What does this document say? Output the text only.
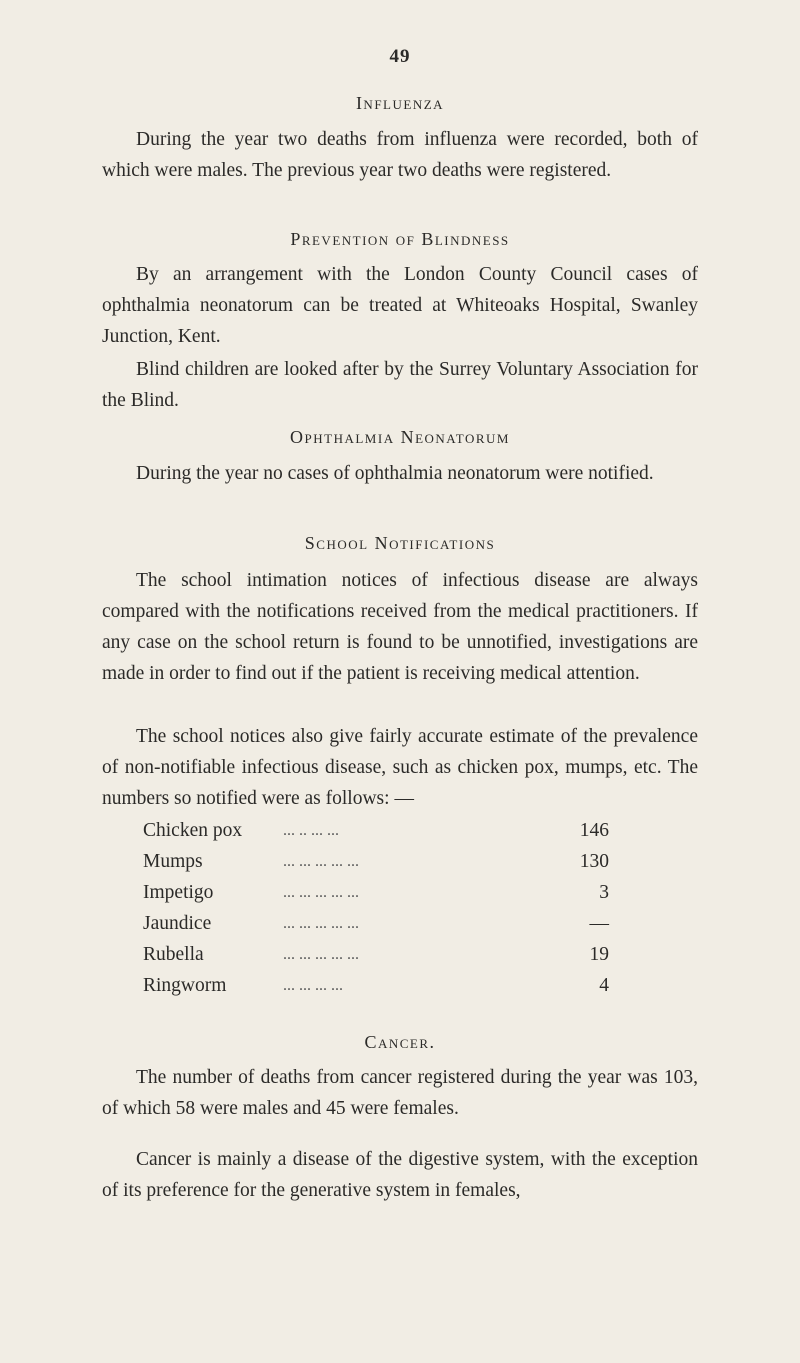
49
Influenza

During the year two deaths from influenza were recorded, both of which were males. The previous year two deaths were registered.

Prevention of Blindness

By an arrangement with the London County Council cases of ophthalmia neonatorum can be treated at Whiteoaks Hospital, Swanley Junction, Kent.

Blind children are looked after by the Surrey Voluntary Association for the Blind.

Ophthalmia Neonatorum

During the year no cases of ophthalmia neonatorum were notified.

School Notifications

The school intimation notices of infectious disease are always compared with the notifications received from the medical practitioners. If any case on the school return is found to be unnotified, investigations are made in order to find out if the patient is receiving medical attention.

The school notices also give fairly accurate estimate of the prevalence of non-notifiable infectious disease, such as chicken pox, mumps, etc. The numbers so notified were as follows: —

Chicken pox	... .. ... ...	146
Mumps	... ... ... ... ...	130
Impetigo	... ... ... ... ...	3
Jaundice	... ... ... ... ...	—
Rubella	... ... ... ... ...	19
Ringworm	... ... ... ...	4
Cancer.

The number of deaths from cancer registered during the year was 103, of which 58 were males and 45 were females.

Cancer is mainly a disease of the digestive system, with the exception of its preference for the generative system in females,
